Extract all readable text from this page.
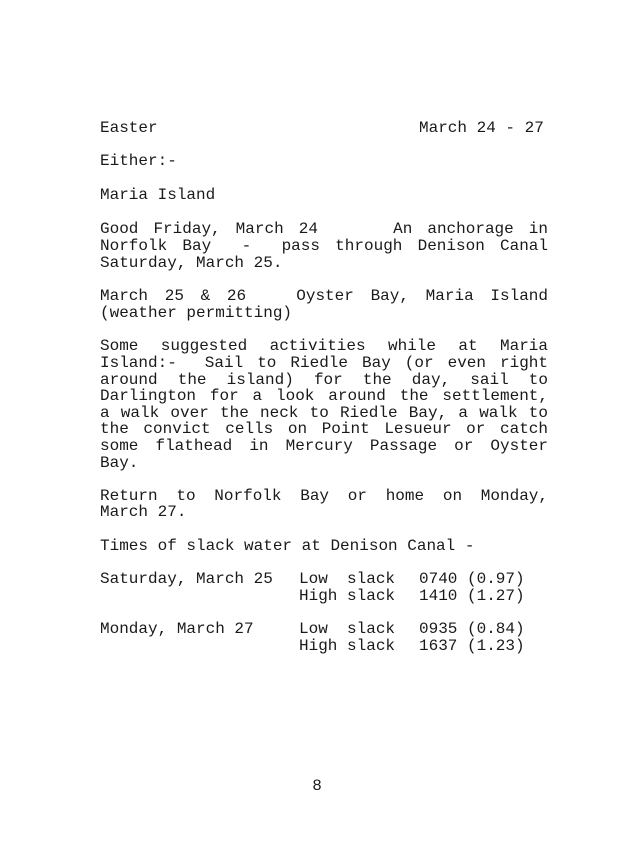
Easter	March 24 - 27
Either:-
Maria Island
Good Friday, March 24     An anchorage in
Norfolk Bay  -  pass through Denison Canal
Saturday, March 25.
March 25 & 26   Oyster Bay, Maria Island
(weather permitting)
Some suggested activities while at Maria
Island:-  Sail to Riedle Bay (or even right
around the island) for the day, sail to
Darlington for a look around the settlement,
a walk over the neck to Riedle Bay, a walk to
the convict cells on Point Lesueur or catch
some flathead in Mercury Passage or Oyster
Bay.
Return to Norfolk Bay or home on Monday,
March 27.
Times of slack water at Denison Canal -
Saturday, March 25 Low  slack 0740 (0.97)
High slack 1410 (1.27)
Monday, March 27	Low  slack 0935 (0.84)
High slack 1637 (1.23)
8
